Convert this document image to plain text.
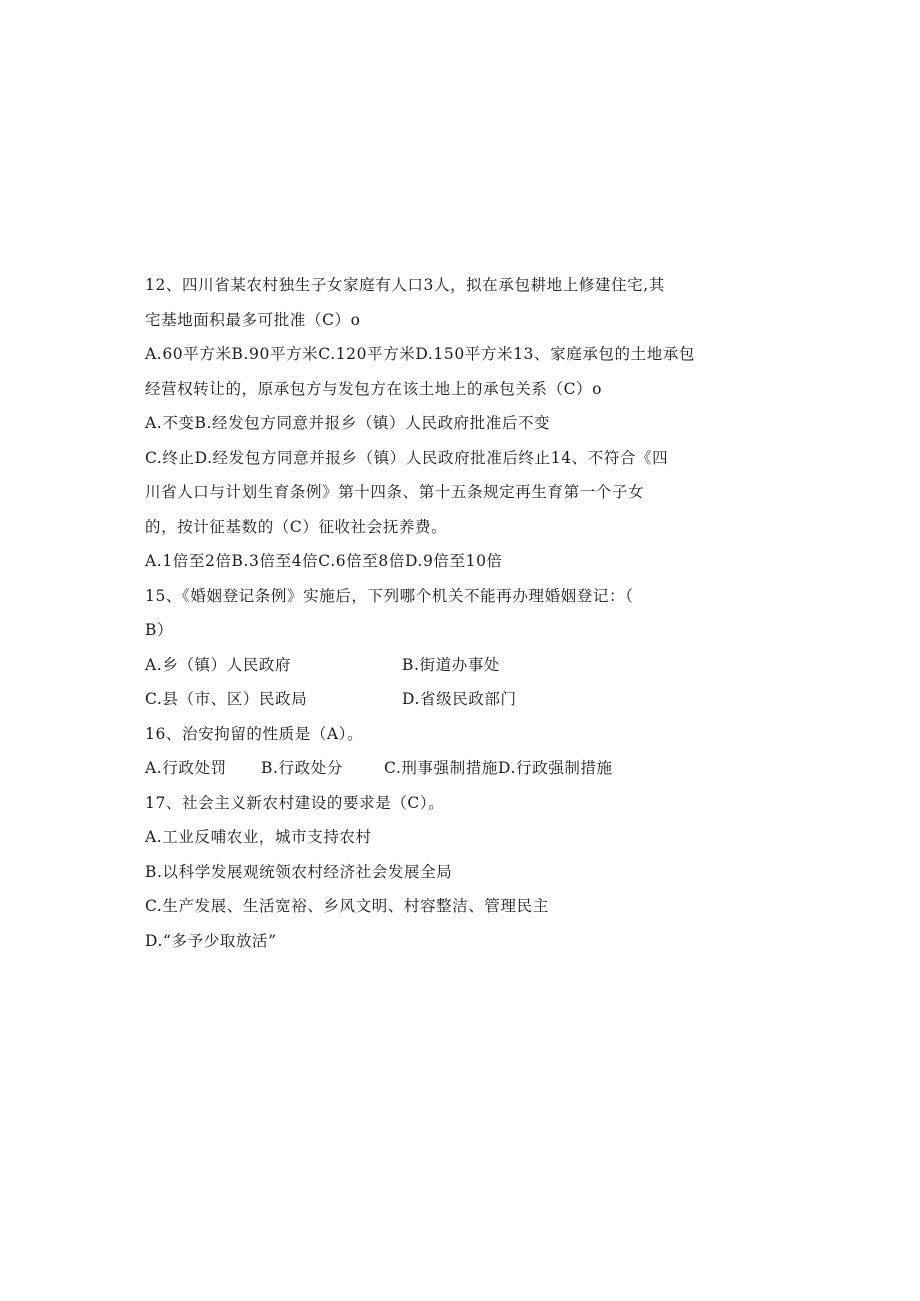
12、四川省某农村独生子女家庭有人口3人，拟在承包耕地上修建住宅,其
宅基地面积最多可批准（C）o
A.60平方米B.90平方米C.120平方米D.150平方米13、家庭承包的土地承包
经营权转让的，原承包方与发包方在该土地上的承包关系（C）o
A.不变B.经发包方同意并报乡（镇）人民政府批准后不变
C.终止D.经发包方同意并报乡（镇）人民政府批准后终止14、不符合《四
川省人口与计划生育条例》第十四条、第十五条规定再生育第一个子女
的，按计征基数的（C）征收社会抚养费。
A.1倍至2倍B.3倍至4倍C.6倍至8倍D.9倍至10倍
15、《婚姻登记条例》实施后，下列哪个机关不能再办理婚姻登记：（
B）
A.乡（镇）人民政府	B.街道办事处
C.县（市、区）民政局	D.省级民政部门
16、治安拘留的性质是（A）。
A.行政处罚	B.行政处分	C.刑事强制措施D.行政强制措施
17、社会主义新农村建设的要求是（C）。
A.工业反哺农业，城市支持农村
B.以科学发展观统领农村经济社会发展全局
C.生产发展、生活宽裕、乡风文明、村容整洁、管理民主
D.“多予少取放活”
